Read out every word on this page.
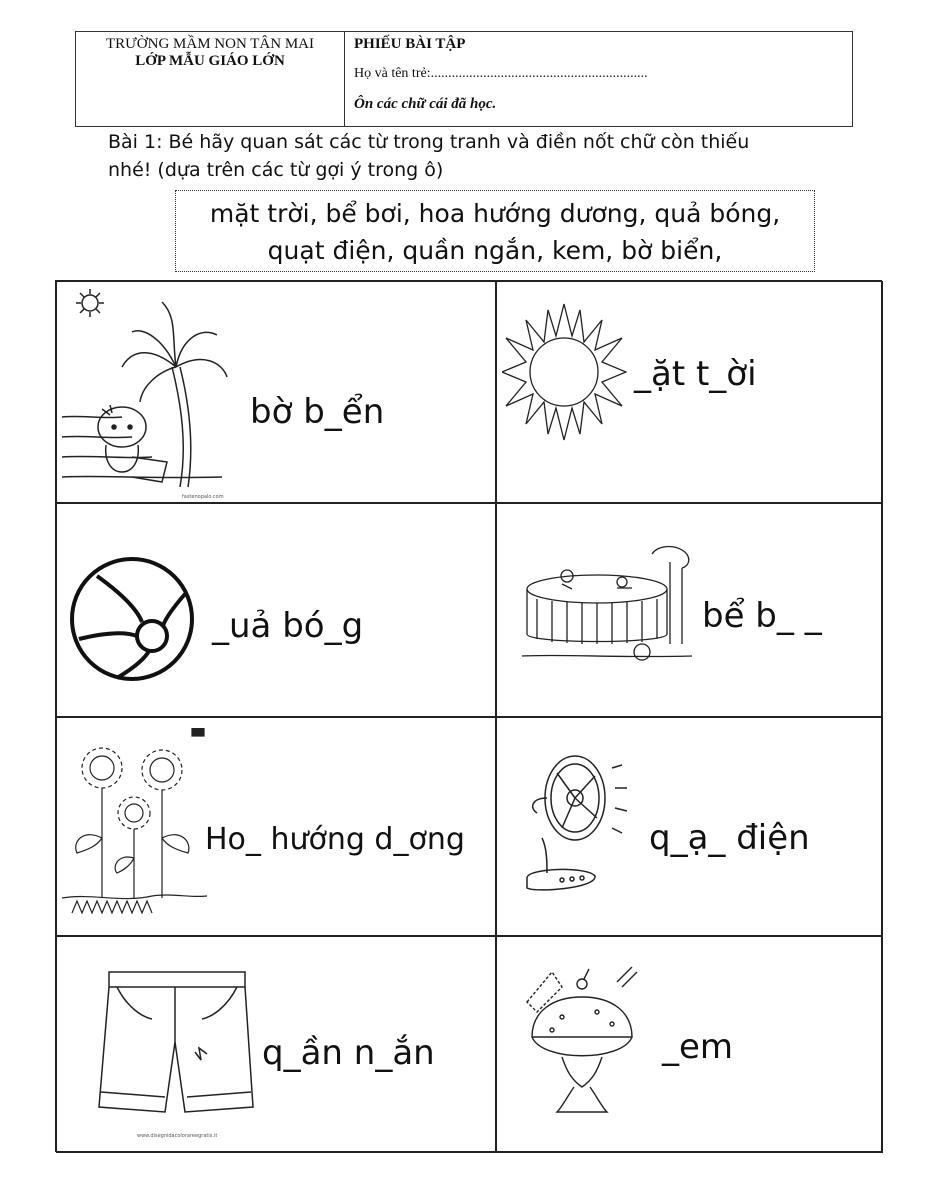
TRƯỜNG MẦM NON TÂN MAI
LỚP MẪU GIÁO LỚN
PHIẾU BÀI TẬP
Họ và tên trẻ:..............................................................
Ôn các chữ cái đã học.
Bài 1: Bé hãy quan sát các từ trong tranh và điền nốt chữ còn thiếu
nhé! (dựa trên các từ gợi ý trong ô)
mặt trời, bể bơi, hoa hướng dương, quả bóng,
quạt điện, quần ngắn, kem, bờ biển,
fastenopalo.com
bờ b_ển
_ặt t_ời
_uả bó_g	bể b_ _
Ho_ hướng d_ơng	q_ạ_ điện
www.disegnidacolorareegratis.it
q_ần n_ắn	_em
